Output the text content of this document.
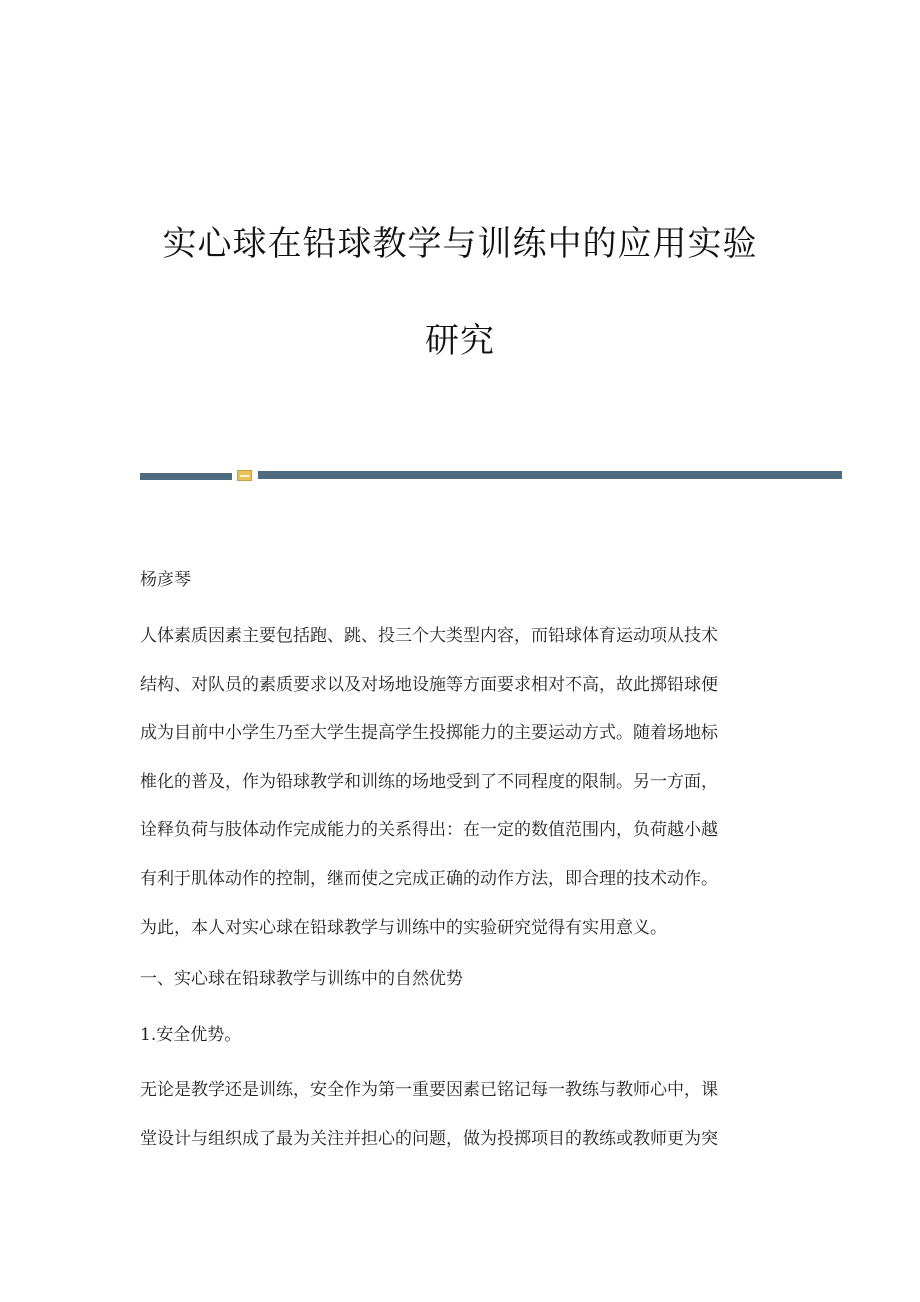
实心球在铅球教学与训练中的应用实验
研究
杨彦琴
人体素质因素主要包括跑、跳、投三个大类型内容，而铅球体育运动项从技术
结构、对队员的素质要求以及对场地设施等方面要求相对不高，故此掷铅球便
成为目前中小学生乃至大学生提高学生投掷能力的主要运动方式。随着场地标
椎化的普及，作为铅球教学和训练的场地受到了不同程度的限制。另一方面，
诠释负荷与肢体动作完成能力的关系得出：在一定的数值范围内，负荷越小越
有利于肌体动作的控制，继而使之完成正确的动作方法，即合理的技术动作。
为此，本人对实心球在铅球教学与训练中的实验研究觉得有实用意义。
一、实心球在铅球教学与训练中的自然优势
1.安全优势。
无论是教学还是训练，安全作为第一重要因素已铭记每一教练与教师心中，课
堂设计与组织成了最为关注并担心的问题，做为投掷项目的教练或教师更为突
